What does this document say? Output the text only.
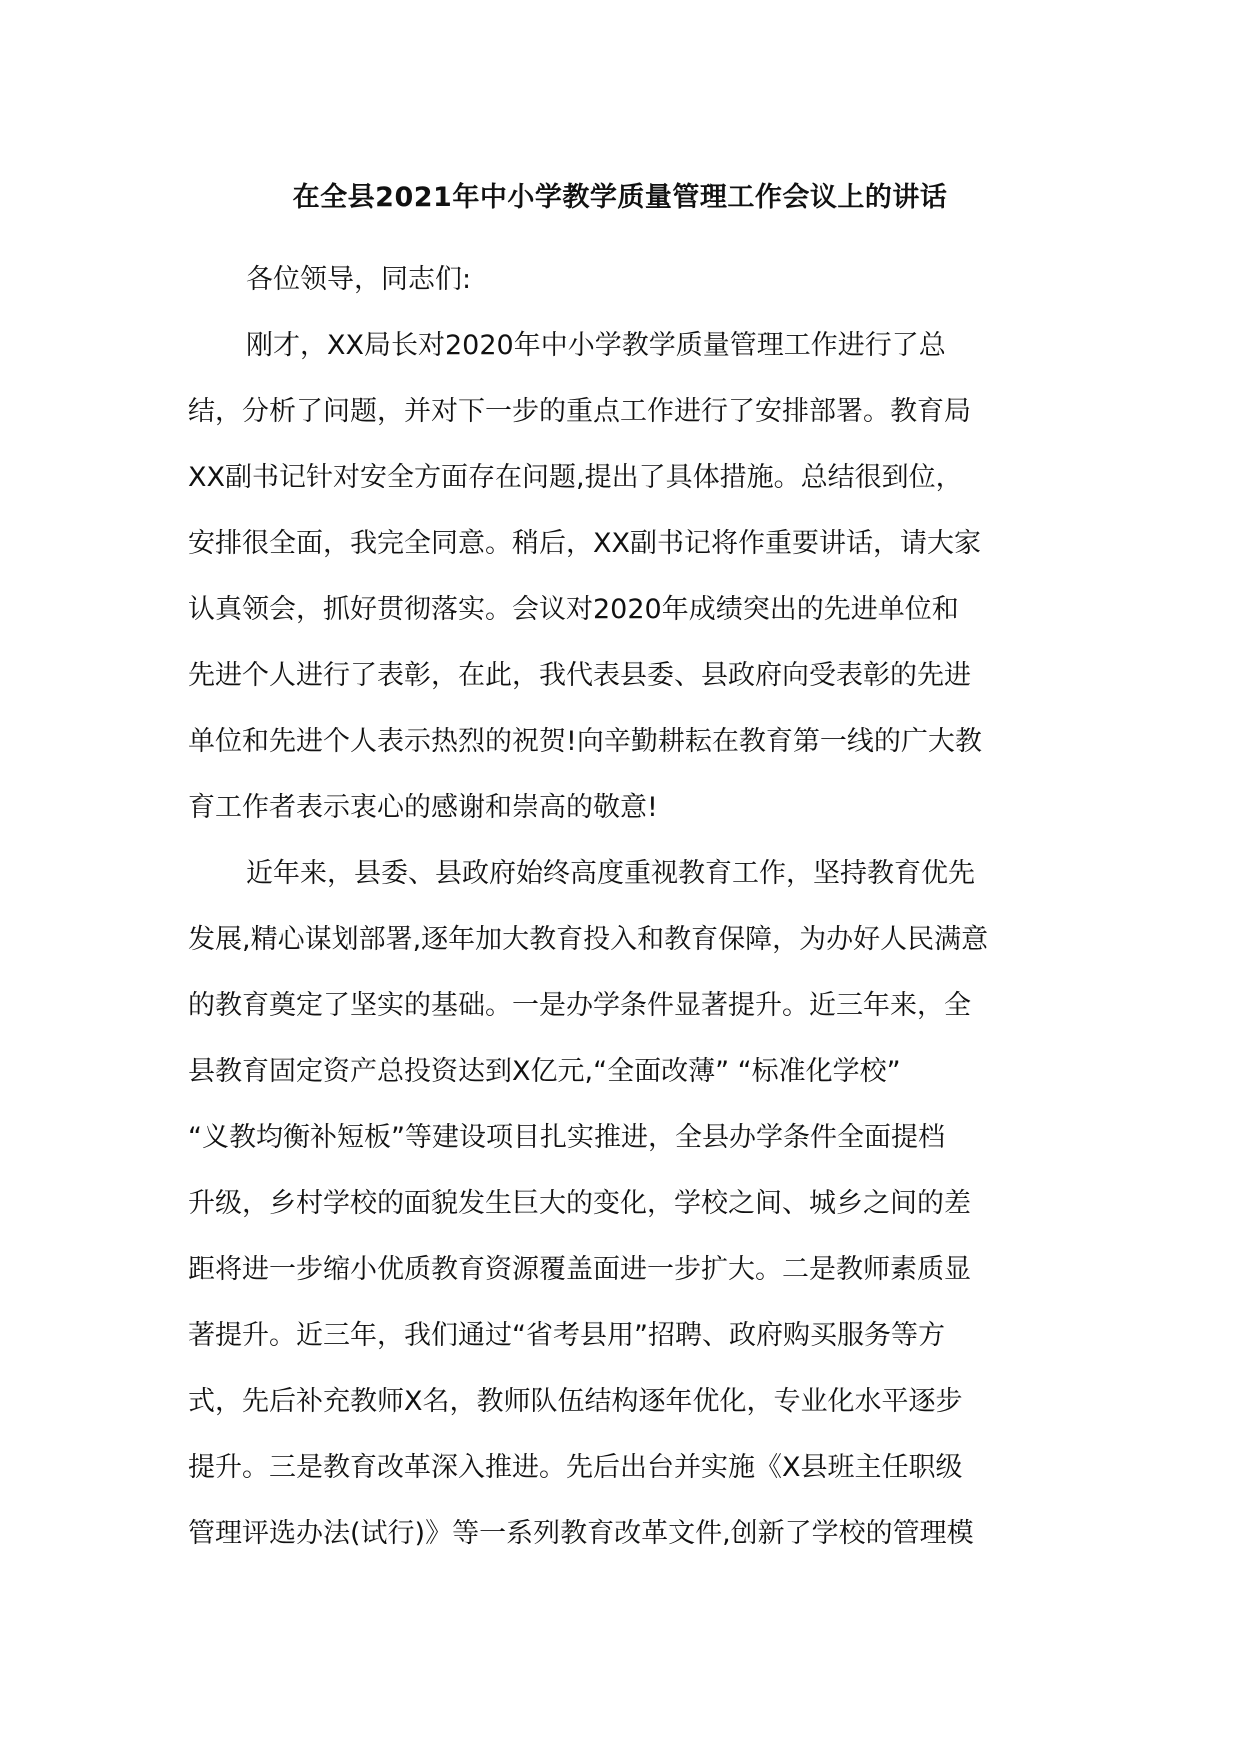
在全县2021年中小学教学质量管理工作会议上的讲话

各位领导，同志们:

刚才，XX局长对2020年中小学教学质量管理工作进行了总

结，分析了问题，并对下一步的重点工作进行了安排部署。教育局

XX副书记针对安全方面存在问题,提出了具体措施。总结很到位，

安排很全面，我完全同意。稍后，XX副书记将作重要讲话，请大家

认真领会，抓好贯彻落实。会议对2020年成绩突出的先进单位和

先进个人进行了表彰，在此，我代表县委、县政府向受表彰的先进

单位和先进个人表示热烈的祝贺!向辛勤耕耘在教育第一线的广大教

育工作者表示衷心的感谢和崇高的敬意!

近年来，县委、县政府始终高度重视教育工作，坚持教育优先

发展,精心谋划部署,逐年加大教育投入和教育保障，为办好人民满意

的教育奠定了坚实的基础。一是办学条件显著提升。近三年来，全

县教育固定资产总投资达到X亿元,“全面改薄” “标准化学校”

“义教均衡补短板”等建设项目扎实推进，全县办学条件全面提档

升级，乡村学校的面貌发生巨大的变化，学校之间、城乡之间的差

距将进一步缩小优质教育资源覆盖面进一步扩大。二是教师素质显

著提升。近三年，我们通过“省考县用”招聘、政府购买服务等方

式，先后补充教师X名，教师队伍结构逐年优化，专业化水平逐步

提升。三是教育改革深入推进。先后出台并实施《X县班主任职级

管理评选办法(试行)》等一系列教育改革文件,创新了学校的管理模
